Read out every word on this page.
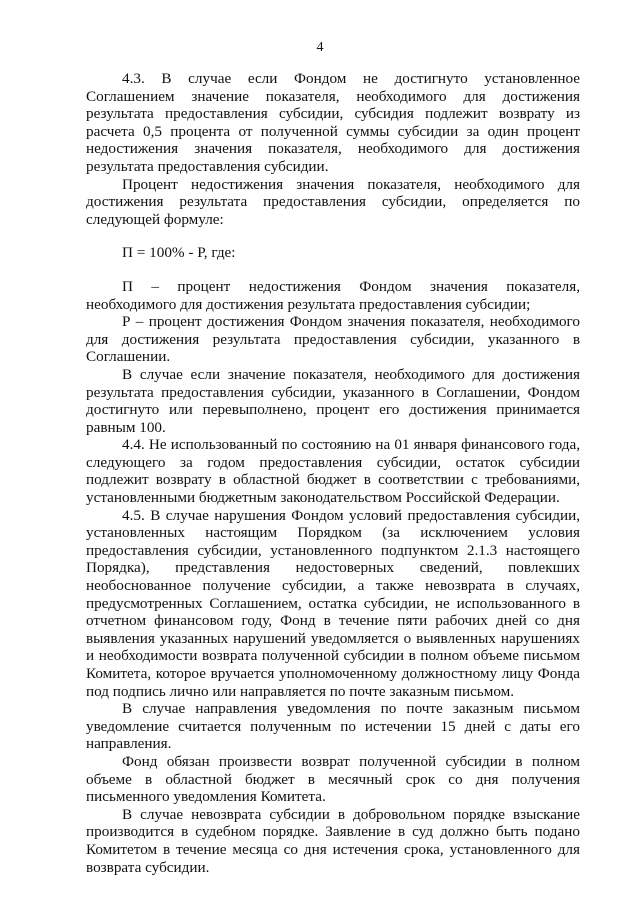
4

4.3. В случае если Фондом не достигнуто установленное Соглашением значение показателя, необходимого для достижения результата предоставления субсидии, субсидия подлежит возврату из расчета 0,5 процента от полученной суммы субсидии за один процент недостижения значения показателя, необходимого для достижения результата предоставления субсидии.

Процент недостижения значения показателя, необходимого для достижения результата предоставления субсидии, определяется по следующей формуле:

П = 100% - Р, где:

П – процент недостижения Фондом значения показателя, необходимого для достижения результата предоставления субсидии;

Р – процент достижения Фондом значения показателя, необходимого для достижения результата предоставления субсидии, указанного в Соглашении.

В случае если значение показателя, необходимого для достижения результата предоставления субсидии, указанного в Соглашении, Фондом достигнуто или перевыполнено, процент его достижения принимается равным 100.

4.4. Не использованный по состоянию на 01 января финансового года, следующего за годом предоставления субсидии, остаток субсидии подлежит возврату в областной бюджет в соответствии с требованиями, установленными бюджетным законодательством Российской Федерации.

4.5. В случае нарушения Фондом условий предоставления субсидии, установленных настоящим Порядком (за исключением условия предоставления субсидии, установленного подпунктом 2.1.3 настоящего Порядка), представления недостоверных сведений, повлекших необоснованное получение субсидии, а также невозврата в случаях, предусмотренных Соглашением, остатка субсидии, не использованного в отчетном финансовом году, Фонд в течение пяти рабочих дней со дня выявления указанных нарушений уведомляется о выявленных нарушениях и необходимости возврата полученной субсидии в полном объеме письмом Комитета, которое вручается уполномоченному должностному лицу Фонда под подпись лично или направляется по почте заказным письмом.

В случае направления уведомления по почте заказным письмом уведомление считается полученным по истечении 15 дней с даты его направления.

Фонд обязан произвести возврат полученной субсидии в полном объеме в областной бюджет в месячный срок со дня получения письменного уведомления Комитета.

В случае невозврата субсидии в добровольном порядке взыскание производится в судебном порядке. Заявление в суд должно быть подано Комитетом в течение месяца со дня истечения срока, установленного для возврата субсидии.
